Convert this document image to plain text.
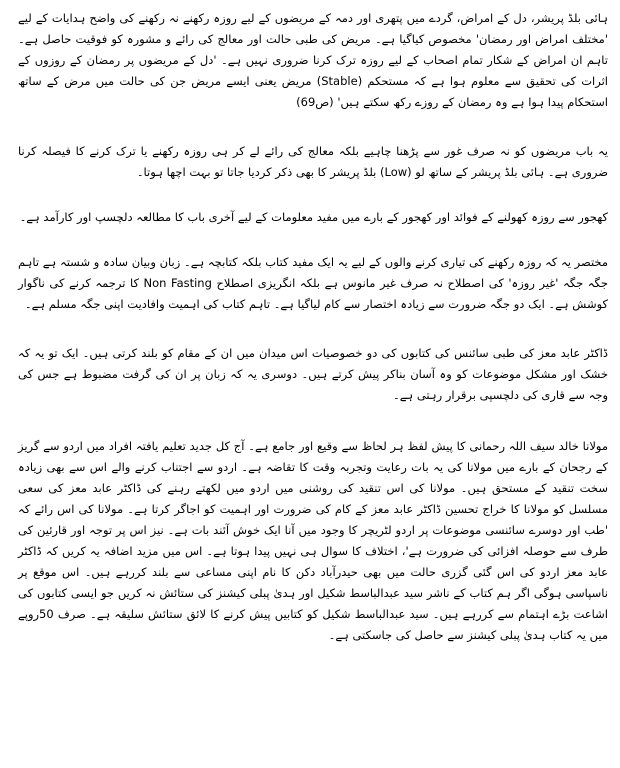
ہائی بلڈ پریشر، دل کے امراض، گردے میں پتھری اور دمہ کے مریضوں کے لیے روزہ رکھنے نہ رکھنے کی واضح ہدایات کے لیے 'مختلف امراض اور رمضان' مخصوص کیاگیا ہے۔ مریض کی طبی حالت اور معالج کی رائے و مشورہ کو فوقیت حاصل ہے۔ تاہم ان امراض کے شکار تمام اصحاب کے لیے روزہ ترک کرنا ضروری نہیں ہے۔ 'دل کے مریضوں پر رمضان کے روزوں کے اثرات کی تحقیق سے معلوم ہوا ہے کہ مستحکم (Stable) مریض یعنی ایسے مریض جن کی حالت میں مرض کے ساتھ استحکام پیدا ہوا ہے وہ رمضان کے روزے رکھ سکتے ہیں' (ص69)

یہ باب مریضوں کو نہ صرف غور سے پڑھنا چاہیے بلکہ معالج کی رائے لے کر ہی روزہ رکھنے یا ترک کرنے کا فیصلہ کرنا ضروری ہے۔ ہائی بلڈ پریشر کے ساتھ لو (Low) بلڈ پریشر کا بھی ذکر کردیا جاتا تو بہت اچھا ہوتا۔

کھجور سے روزہ کھولنے کے فوائد اور کھجور کے بارے میں مفید معلومات کے لیے آخری باب کا مطالعہ دلچسپ اور کارآمد ہے۔

مختصر یہ کہ روزہ رکھنے کی تیاری کرنے والوں کے لیے یہ ایک مفید کتاب بلکہ کتابچہ ہے۔ زبان وبیان سادہ و شستہ ہے تاہم جگہ جگہ 'غیر روزہ' کی اصطلاح نہ صرف غیر مانوس ہے بلکہ انگریزی اصطلاح Non Fasting کا ترجمہ کرنے کی ناگوار کوشش ہے۔ ایک دو جگہ ضرورت سے زیادہ اختصار سے کام لیاگیا ہے۔ تاہم کتاب کی اہمیت وافادیت اپنی جگہ مسلم ہے۔

ڈاکٹر عابد معز کی طبی سائنس کی کتابوں کی دو خصوصیات اس میدان میں ان کے مقام کو بلند کرتی ہیں۔ ایک تو یہ کہ خشک اور مشکل موضوعات کو وہ آسان بناکر پیش کرتے ہیں۔ دوسری یہ کہ زبان پر ان کی گرفت مضبوط ہے جس کی وجہ سے قاری کی دلچسپی برقرار رہتی ہے۔

مولانا خالد سیف اللہ رحمانی کا پیش لفظ ہر لحاظ سے وقیع اور جامع ہے۔ آج کل جدید تعلیم یافتہ افراد میں اردو سے گریز کے رجحان کے بارے میں مولانا کی یہ بات رعایت وتجربہ وقت کا تقاضہ ہے۔ اردو سے اجتناب کرنے والے اس سے بھی زیادہ سخت تنقید کے مستحق ہیں۔ مولانا کی اس تنقید کی روشنی میں اردو میں لکھتے رہنے کی ڈاکٹر عابد معز کی سعی مسلسل کو مولانا کا خراج تحسین ڈاکٹر عابد معز کے کام کی ضرورت اور اہمیت کو اجاگر کرتا ہے۔ مولانا کی اس رائے کہ 'طب اور دوسرے سائنسی موضوعات پر اردو لٹریچر کا وجود میں آنا ایک خوش آئند بات ہے۔ نیز اس پر توجہ اور قارئین کی طرف سے حوصلہ افزائی کی ضرورت ہے'، اختلاف کا سوال ہی نہیں پیدا ہوتا ہے۔ اس میں مزید اضافہ یہ کریں کہ ڈاکٹر عابد معز اردو کی اس گئی گزری حالت میں بھی حیدرآباد دکن کا نام اپنی مساعی سے بلند کررہے ہیں۔ اس موقع پر ناسپاسی ہوگی اگر ہم کتاب کے ناشر سید عبدالباسط شکیل اور ہدیٰ پبلی کیشنز کی ستائش نہ کریں جو ایسی کتابوں کی اشاعت بڑے اہتمام سے کررہے ہیں۔ سید عبدالباسط شکیل کو کتابیں پیش کرنے کا لائق ستائش سلیقہ ہے۔ صرف 50روپے میں یہ کتاب ہدیٰ پبلی کیشنز سے حاصل کی جاسکتی ہے۔
